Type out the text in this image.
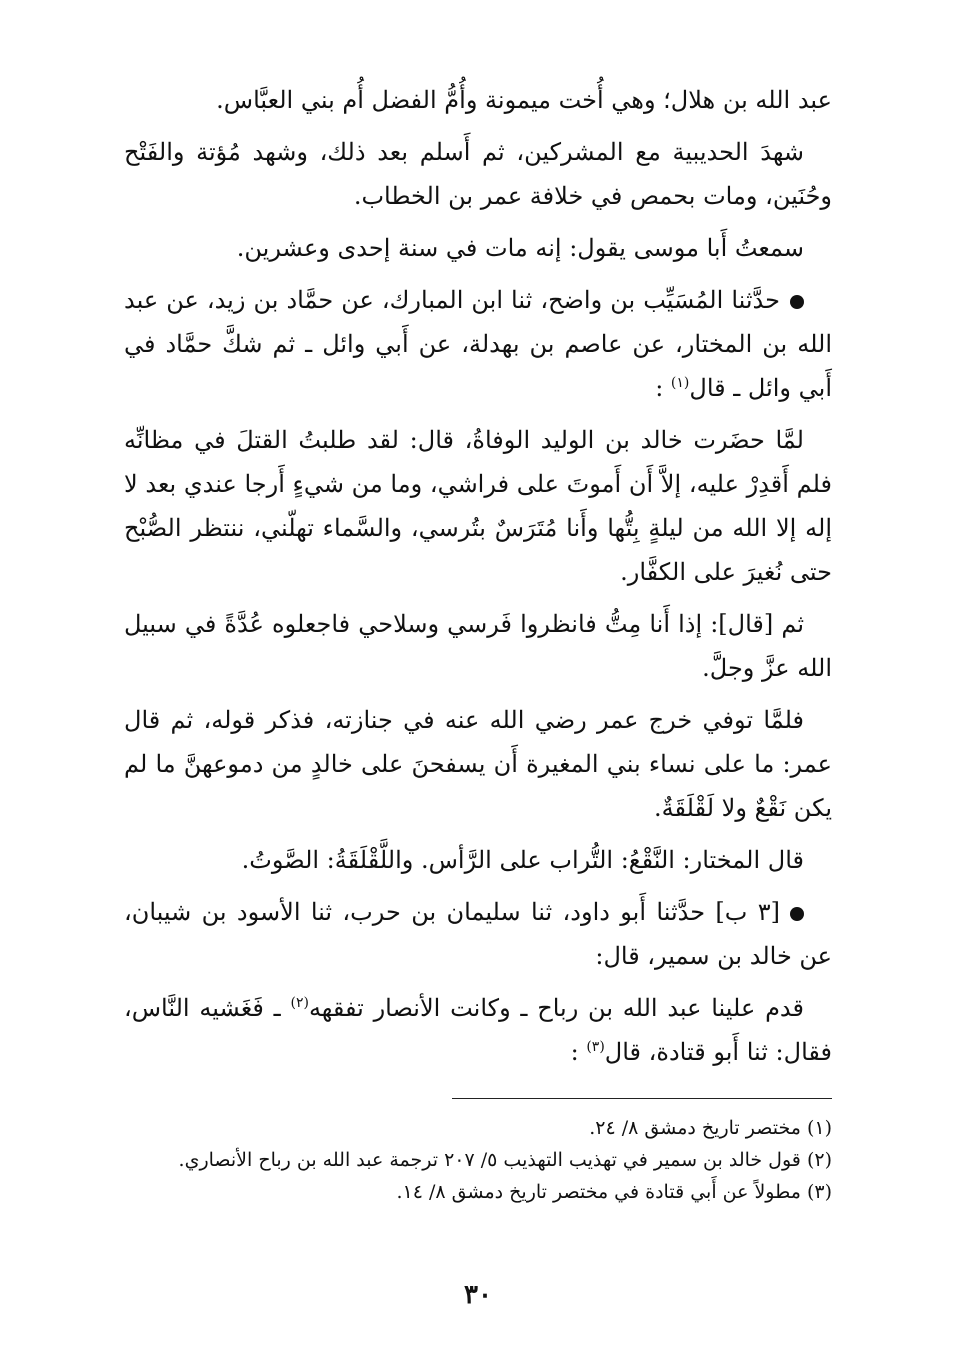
عبد الله بن هلال؛ وهي أُخت ميمونة وأُمُّ الفضل أُم بني العبَّاس.

شهدَ الحديبية مع المشركين، ثم أَسلم بعد ذلك، وشهد مُؤتة والفَتْح وحُنَين، ومات بحمص في خلافة عمر بن الخطاب.

سمعتُ أَبا موسى يقول: إنه مات في سنة إحدى وعشرين.

حدَّثنا المُسَيِّب بن واضح، ثنا ابن المبارك، عن حمَّاد بن زيد، عن عبد الله بن المختار، عن عاصم بن بهدلة، عن أَبي وائل ـ ثم شكَّ حمَّاد في أَبي وائل ـ قال$^{(١)}$ :

لمَّا حضَرت خالد بن الوليد الوفاةُ، قال: لقد طلبتُ القتلَ في مظانِّه فلم أَقدِرْ عليه، إلاَّ أَن أَموتَ على فراشي، وما من شيءٍ أَرجا عندي بعد لا إله إلا الله من ليلةٍ بِتُّها وأَنا مُتَرَسٌ بتُرسي، والسَّماء تهلّني، ننتظر الصُّبْح حتى نُغيرَ على الكفَّار.

ثم [قال]: إذا أَنا مِتُّ فانظروا فَرسي وسلاحي فاجعلوه عُدَّةً في سبيل الله عزَّ وجلَّ.

فلمَّا توفي خرج عمر رضي الله عنه في جنازته، فذكر قوله، ثم قال عمر: ما على نساء بني المغيرة أَن يسفحنَ على خالدٍ من دموعهنَّ ما لم يكن نَقْعٌ ولا لَقْلَقَةٌ.

قال المختار: النَّقْعُ: التُّراب على الرَّأس. واللَّقْلَقَةُ: الصَّوتُ.

[٣ ب] حدَّثنا أَبو داود، ثنا سليمان بن حرب، ثنا الأسود بن شيبان، عن خالد بن سمير، قال:

قدم علينا عبد الله بن رباح ـ وكانت الأنصار تفقهه$^{(٢)}$ ـ فَغَشيه النَّاس، فقال: ثنا أَبو قتادة، قال$^{(٣)}$ :

(١) مختصر تاريخ دمشق ٨/ ٢٤.

(٢) قول خالد بن سمير في تهذيب التهذيب ٥/ ٢٠٧ ترجمة عبد الله بن رباح الأنصاري.

(٣) مطولاً عن أَبي قتادة في مختصر تاريخ دمشق ٨/ ١٤.

٣٠
